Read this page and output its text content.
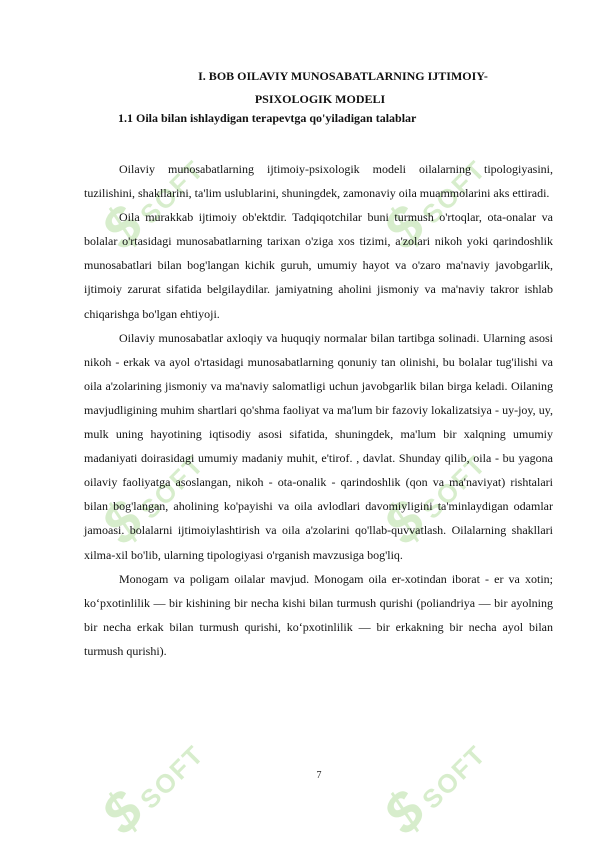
$SOFT	$SOFT
$SOFT	$SOFT
$SOFT	$SOFT
I. BOB OILAVIY MUNOSABATLARNING IJTIMOIY-
PSIXOLOGIK MODELI
1.1 Oila bilan ishlaydigan terapevtga qo'yiladigan talablar

Oilaviy munosabatlarning ijtimoiy-psixologik modeli oilalarning tipologiyasini, tuzilishini, shakllarini, ta'lim uslublarini, shuningdek, zamonaviy oila muammolarini aks ettiradi.

Oila murakkab ijtimoiy ob'ektdir. Tadqiqotchilar buni turmush o'rtoqlar, ota-onalar va bolalar o'rtasidagi munosabatlarning tarixan o'ziga xos tizimi, a'zolari nikoh yoki qarindoshlik munosabatlari bilan bog'langan kichik guruh, umumiy hayot va o'zaro ma'naviy javobgarlik, ijtimoiy zarurat sifatida belgilaydilar. jamiyatning aholini jismoniy va ma'naviy takror ishlab chiqarishga bo'lgan ehtiyoji.

Oilaviy munosabatlar axloqiy va huquqiy normalar bilan tartibga solinadi. Ularning asosi nikoh - erkak va ayol o'rtasidagi munosabatlarning qonuniy tan olinishi, bu bolalar tug'ilishi va oila a'zolarining jismoniy va ma'naviy salomatligi uchun javobgarlik bilan birga keladi. Oilaning mavjudligining muhim shartlari qo'shma faoliyat va ma'lum bir fazoviy lokalizatsiya - uy-joy, uy, mulk uning hayotining iqtisodiy asosi sifatida, shuningdek, ma'lum bir xalqning umumiy madaniyati doirasidagi umumiy madaniy muhit, e'tirof. , davlat. Shunday qilib, oila - bu yagona oilaviy faoliyatga asoslangan, nikoh - ota-onalik - qarindoshlik (qon va ma'naviyat) rishtalari bilan bog'langan, aholining ko'payishi va oila avlodlari davomiyligini ta'minlaydigan odamlar jamoasi. bolalarni ijtimoiylashtirish va oila a'zolarini qo'llab-quvvatlash. Oilalarning shakllari xilma-xil bo'lib, ularning tipologiyasi o'rganish mavzusiga bog'liq.

Monogam va poligam oilalar mavjud. Monogam oila er-xotindan iborat - er va xotin; ko‘pxotinlilik — bir kishining bir necha kishi bilan turmush qurishi (poliandriya — bir ayolning bir necha erkak bilan turmush qurishi, ko‘pxotinlilik — bir erkakning bir necha ayol bilan turmush qurishi).

7
